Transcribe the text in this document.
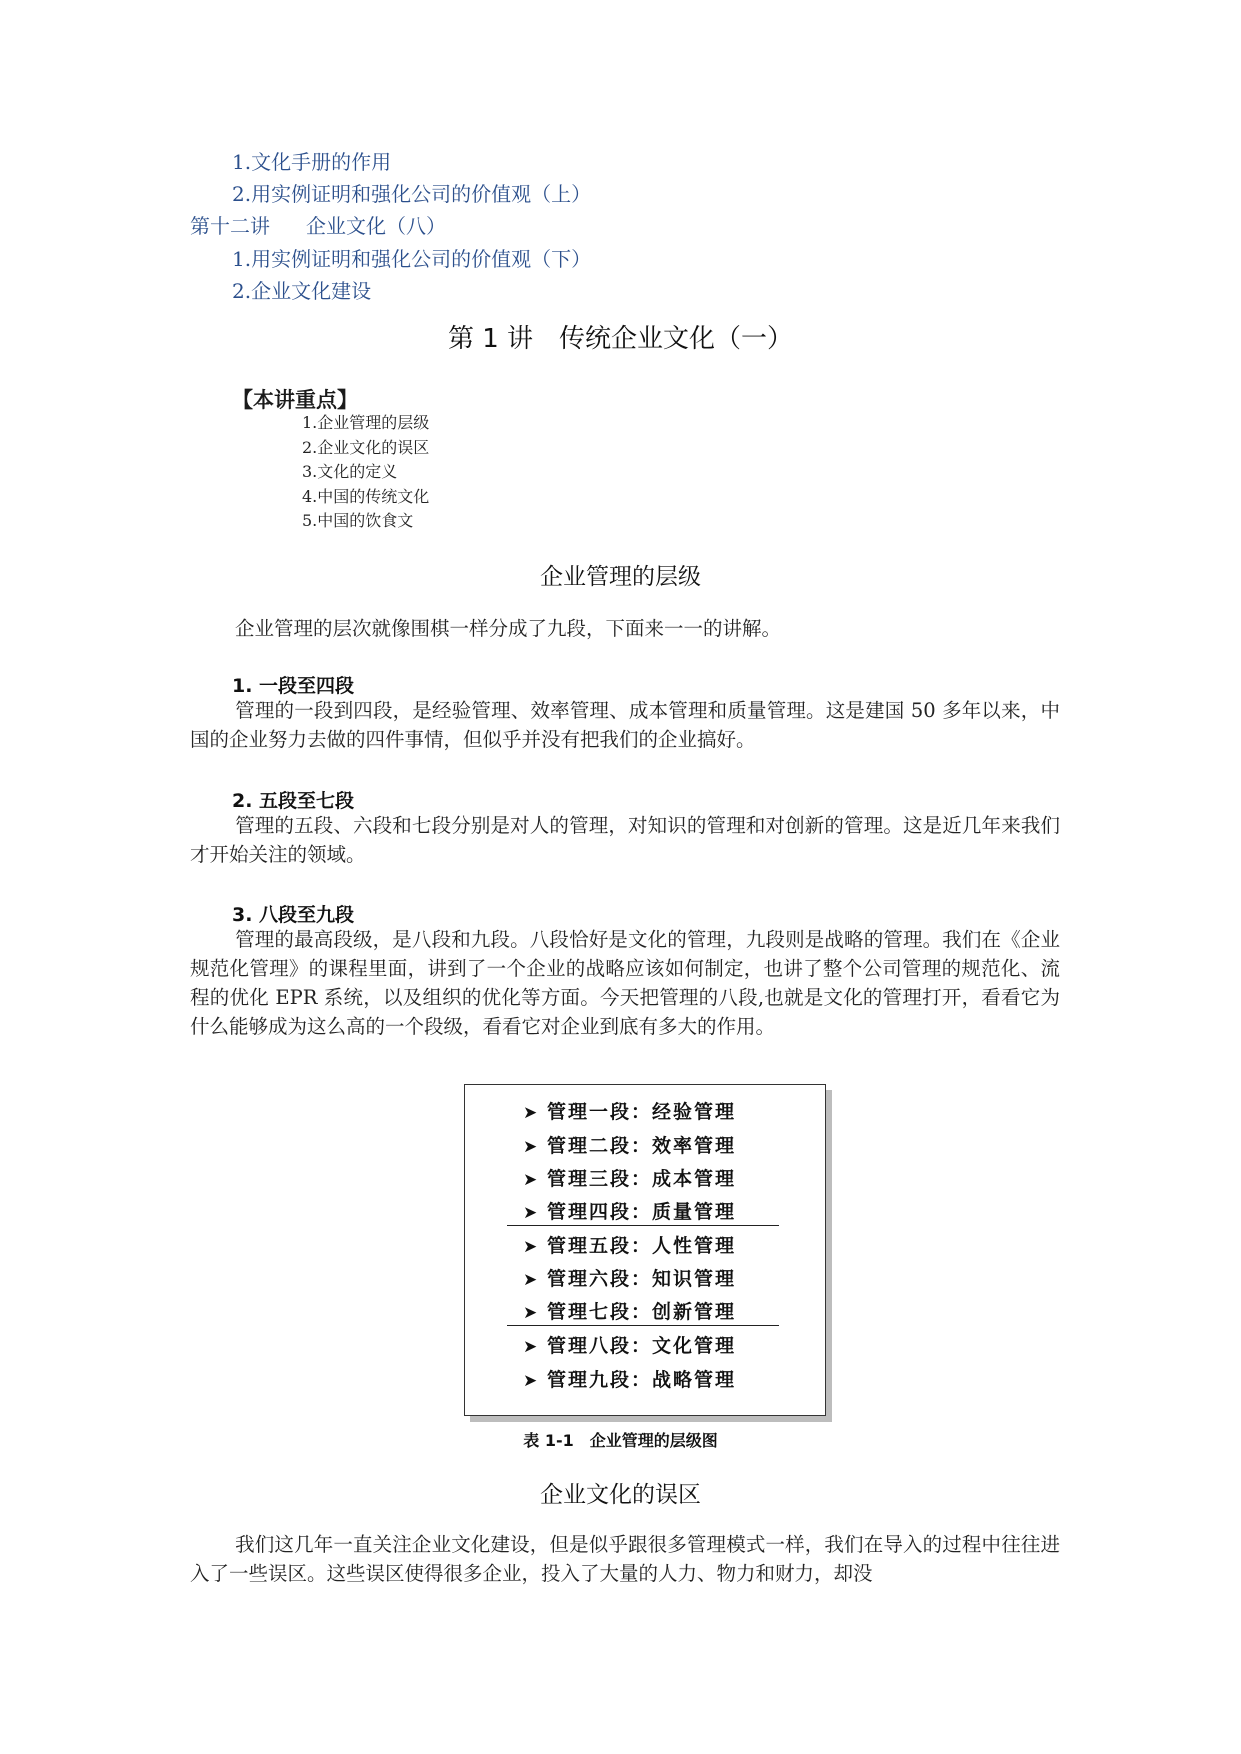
1.文化手册的作用
2.用实例证明和强化公司的价值观（上）
第十二讲 企业文化（八）
1.用实例证明和强化公司的价值观（下）
2.企业文化建设
第 1 讲 传统企业文化（一）
【本讲重点】
1.企业管理的层级
2.企业文化的误区
3.文化的定义
4.中国的传统文化
5.中国的饮食文
企业管理的层级
企业管理的层次就像围棋一样分成了九段，下面来一一的讲解。
1. 一段至四段
管理的一段到四段，是经验管理、效率管理、成本管理和质量管理。这是建国 50 多年以来，中国的企业努力去做的四件事情，但似乎并没有把我们的企业搞好。
2. 五段至七段
管理的五段、六段和七段分别是对人的管理，对知识的管理和对创新的管理。这是近几年来我们才开始关注的领域。
3. 八段至九段
管理的最高段级，是八段和九段。八段恰好是文化的管理，九段则是战略的管理。我们在《企业规范化管理》的课程里面，讲到了一个企业的战略应该如何制定，也讲了整个公司管理的规范化、流程的优化 EPR 系统，以及组织的优化等方面。今天把管理的八段,也就是文化的管理打开，看看它为什么能够成为这么高的一个段级，看看它对企业到底有多大的作用。
➤ 管理一段：经验管理
➤ 管理二段：效率管理
➤ 管理三段：成本管理
➤ 管理四段：质量管理
➤ 管理五段：人性管理
➤ 管理六段：知识管理
➤ 管理七段：创新管理
➤ 管理八段：文化管理
➤ 管理九段：战略管理
表 1-1 企业管理的层级图
企业文化的误区
我们这几年一直关注企业文化建设，但是似乎跟很多管理模式一样，我们在导入的过程中往往进入了一些误区。这些误区使得很多企业，投入了大量的人力、物力和财力，却没
